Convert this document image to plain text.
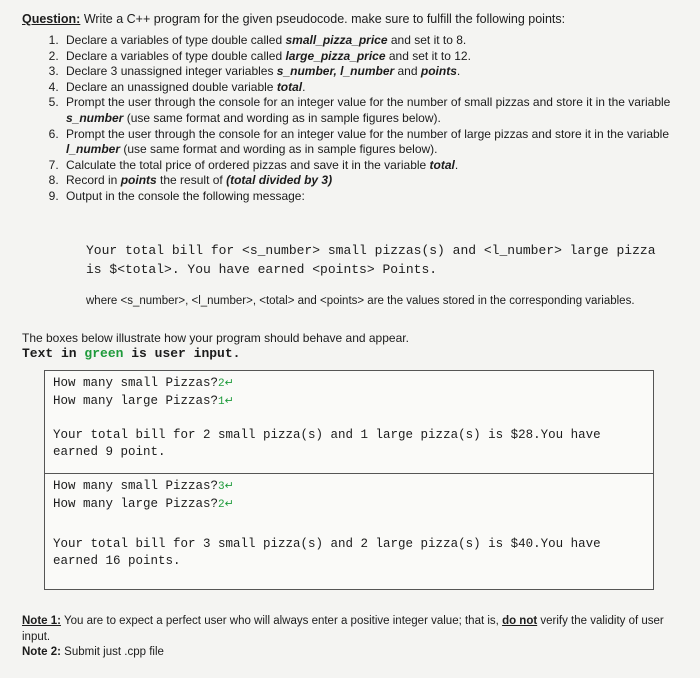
Question: Write a C++ program for the given pseudocode. make sure to fulfill the following points:
1. Declare a variables of type double called small_pizza_price and set it to 8.
2. Declare a variables of type double called large_pizza_price and set it to 12.
3. Declare 3 unassigned integer variables s_number, l_number and points.
4. Declare an unassigned double variable total.
5. Prompt the user through the console for an integer value for the number of small pizzas and store it in the variable s_number (use same format and wording as in sample figures below).
6. Prompt the user through the console for an integer value for the number of large pizzas and store it in the variable l_number (use same format and wording as in sample figures below).
7. Calculate the total price of ordered pizzas and save it in the variable total.
8. Record in points the result of (total divided by 3)
9. Output in the console the following message:
Your total bill for <s_number> small pizzas(s) and <l_number> large pizza
is $<total>. You have earned <points> Points.
where <s_number>, <l_number>, <total> and <points> are the values stored in the corresponding variables.
The boxes below illustrate how your program should behave and appear.
Text in green is user input.
How many small Pizzas?2↵
How many large Pizzas?1↵
Your total bill for 2 small pizza(s) and 1 large pizza(s) is $28.You have earned 9 point.
How many small Pizzas?3↵
How many large Pizzas?2↵
Your total bill for 3 small pizza(s) and 2 large pizza(s) is $40.You have earned 16 points.
Note 1: You are to expect a perfect user who will always enter a positive integer value; that is, do not verify the validity of user input.
Note 2: Submit just .cpp file
